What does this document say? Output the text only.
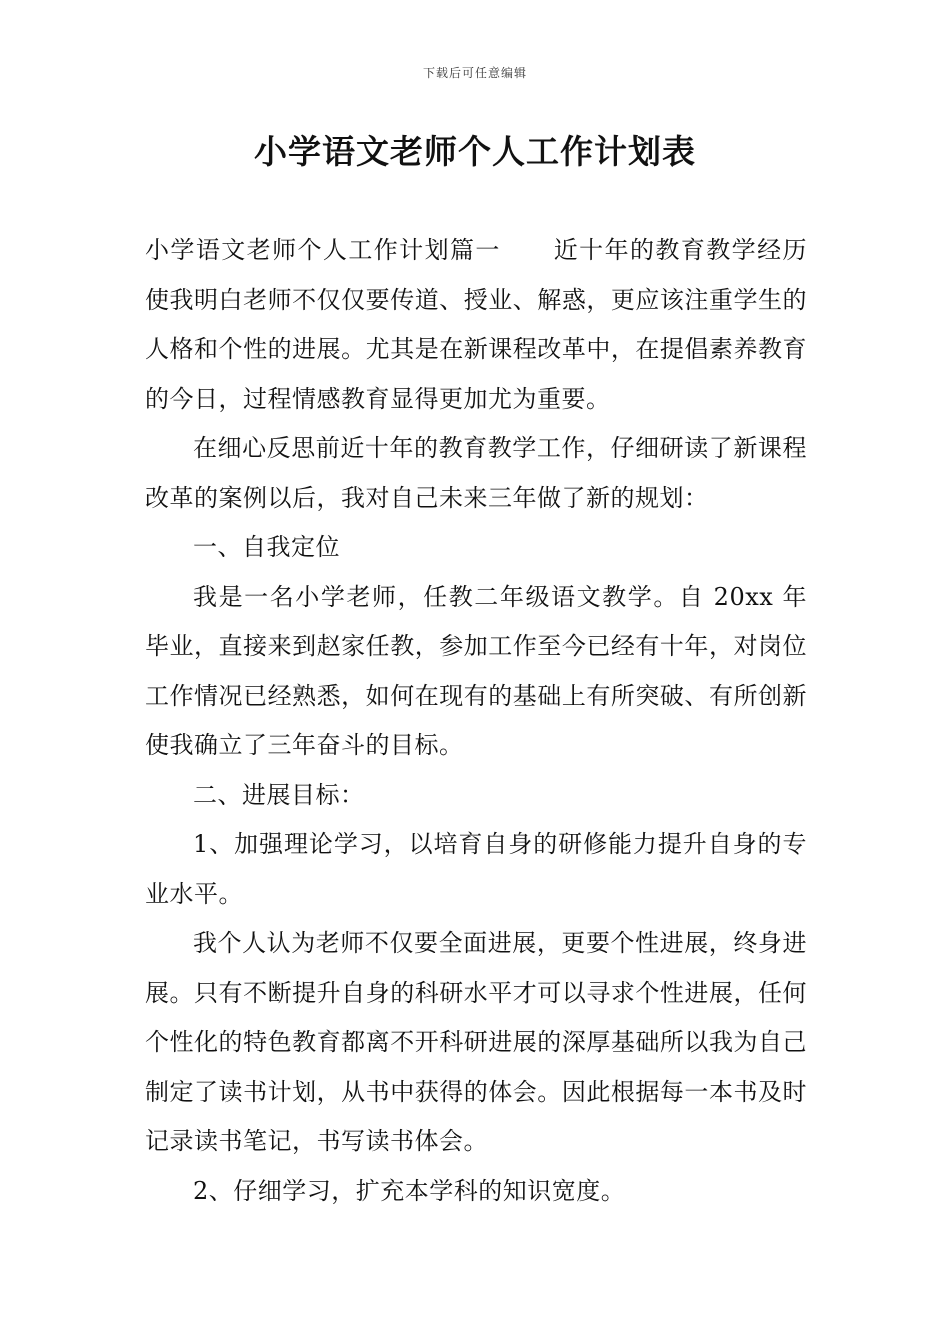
下载后可任意编辑
小学语文老师个人工作计划表

小学语文老师个人工作计划篇一 近十年的教育教学经历使我明白老师不仅仅要传道、授业、解惑，更应该注重学生的人格和个性的进展。尤其是在新课程改革中，在提倡素养教育的今日，过程情感教育显得更加尤为重要。

在细心反思前近十年的教育教学工作，仔细研读了新课程改革的案例以后，我对自己未来三年做了新的规划：

一、自我定位

我是一名小学老师，任教二年级语文教学。自 20xx 年毕业，直接来到赵家任教，参加工作至今已经有十年，对岗位工作情况已经熟悉，如何在现有的基础上有所突破、有所创新使我确立了三年奋斗的目标。

二、进展目标：

1、加强理论学习，以培育自身的研修能力提升自身的专业水平。

我个人认为老师不仅要全面进展，更要个性进展，终身进展。只有不断提升自身的科研水平才可以寻求个性进展，任何个性化的特色教育都离不开科研进展的深厚基础所以我为自己制定了读书计划，从书中获得的体会。因此根据每一本书及时记录读书笔记，书写读书体会。

2、仔细学习，扩充本学科的知识宽度。
